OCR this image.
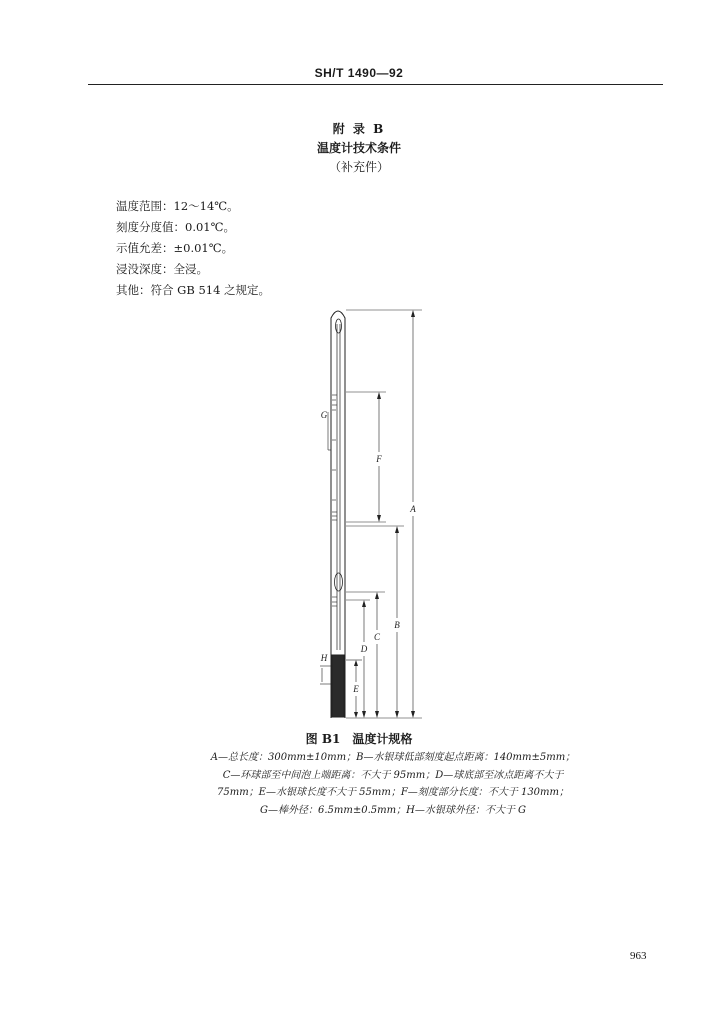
SH/T 1490—92
附 录 B
温度计技术条件
（补充件）
温度范围：12～14℃。
刻度分度值：0.01℃。
示值允差：±0.01℃。
浸没深度：全浸。
其他：符合 GB 514 之规定。
A
F
B
C
D
E
G
H
图 B1　温度计规格
A—总长度：300mm±10mm；B—水银球低部刻度起点距离：140mm±5mm；
C—环球部至中间泡上端距离：不大于 95mm；D—球底部至冰点距离不大于
75mm；E—水银球长度不大于 55mm；F—刻度部分长度：不大于 130mm；
G—棒外径：6.5mm±0.5mm；H—水银球外径：不大于 G
963
